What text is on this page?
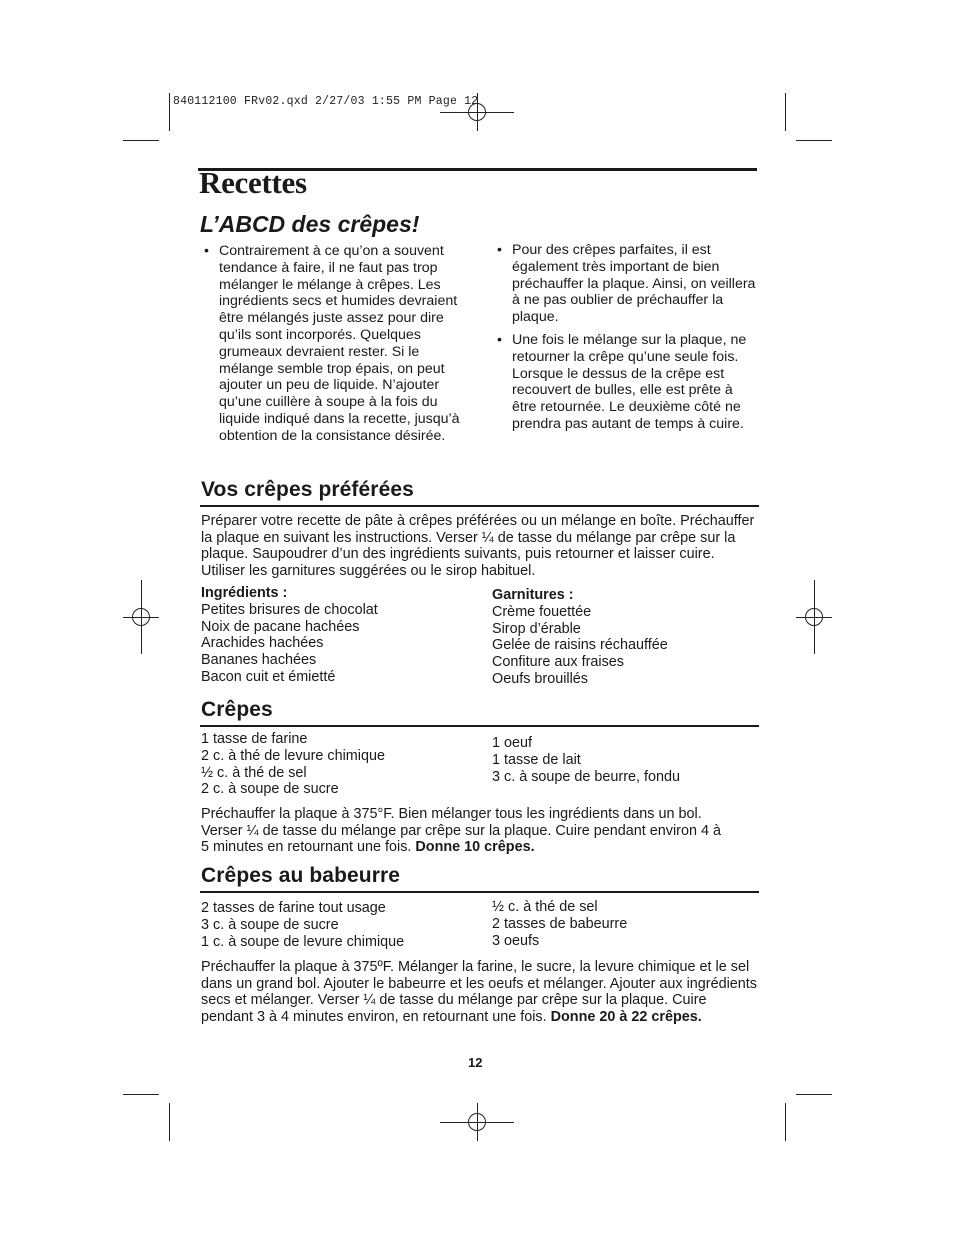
840112100 FRv02.qxd 2/27/03 1:55 PM Page 12
Recettes
L’ABCD des crêpes!
• Contrairement à ce qu’on a souvent tendance à faire, il ne faut pas trop mélanger le mélange à crêpes. Les ingrédients secs et humides devraient être mélangés juste assez pour dire qu’ils sont incorporés. Quelques grumeaux devraient rester. Si le mélange semble trop épais, on peut ajouter un peu de liquide. N’ajouter qu’une cuillère à soupe à la fois du liquide indiqué dans la recette, jusqu’à obtention de la consistance désirée.
• Pour des crêpes parfaites, il est également très important de bien préchauffer la plaque. Ainsi, on veillera à ne pas oublier de préchauffer la plaque.
• Une fois le mélange sur la plaque, ne retourner la crêpe qu’une seule fois. Lorsque le dessus de la crêpe est recouvert de bulles, elle est prête à être retournée. Le deuxième côté ne prendra pas autant de temps à cuire.
Vos crêpes préférées
Préparer votre recette de pâte à crêpes préférées ou un mélange en boîte. Préchauffer la plaque en suivant les instructions. Verser ¼ de tasse du mélange par crêpe sur la plaque. Saupoudrer d’un des ingrédients suivants, puis retourner et laisser cuire. Utiliser les garnitures suggérées ou le sirop habituel.
Ingrédients :
Petites brisures de chocolat
Noix de pacane hachées
Arachides hachées
Bananes hachées
Bacon cuit et émietté
Garnitures :
Crème fouettée
Sirop d’érable
Gelée de raisins réchauffée
Confiture aux fraises
Oeufs brouillés
Crêpes
1 tasse de farine
2 c. à thé de levure chimique
½ c. à thé de sel
2 c. à soupe de sucre
1 oeuf
1 tasse de lait
3 c. à soupe de beurre, fondu
Préchauffer la plaque à 375°F. Bien mélanger tous les ingrédients dans un bol. Verser ¼ de tasse du mélange par crêpe sur la plaque. Cuire pendant environ 4 à 5 minutes en retournant une fois. Donne 10 crêpes.
Crêpes au babeurre
2 tasses de farine tout usage
3 c. à soupe de sucre
1 c. à soupe de levure chimique
½ c. à thé de sel
2 tasses de babeurre
3 oeufs
Préchauffer la plaque à 375ºF. Mélanger la farine, le sucre, la levure chimique et le sel dans un grand bol. Ajouter le babeurre et les oeufs et mélanger. Ajouter aux ingrédients secs et mélanger. Verser ¼ de tasse du mélange par crêpe sur la plaque. Cuire pendant 3 à 4 minutes environ, en retournant une fois. Donne 20 à 22 crêpes.
12
